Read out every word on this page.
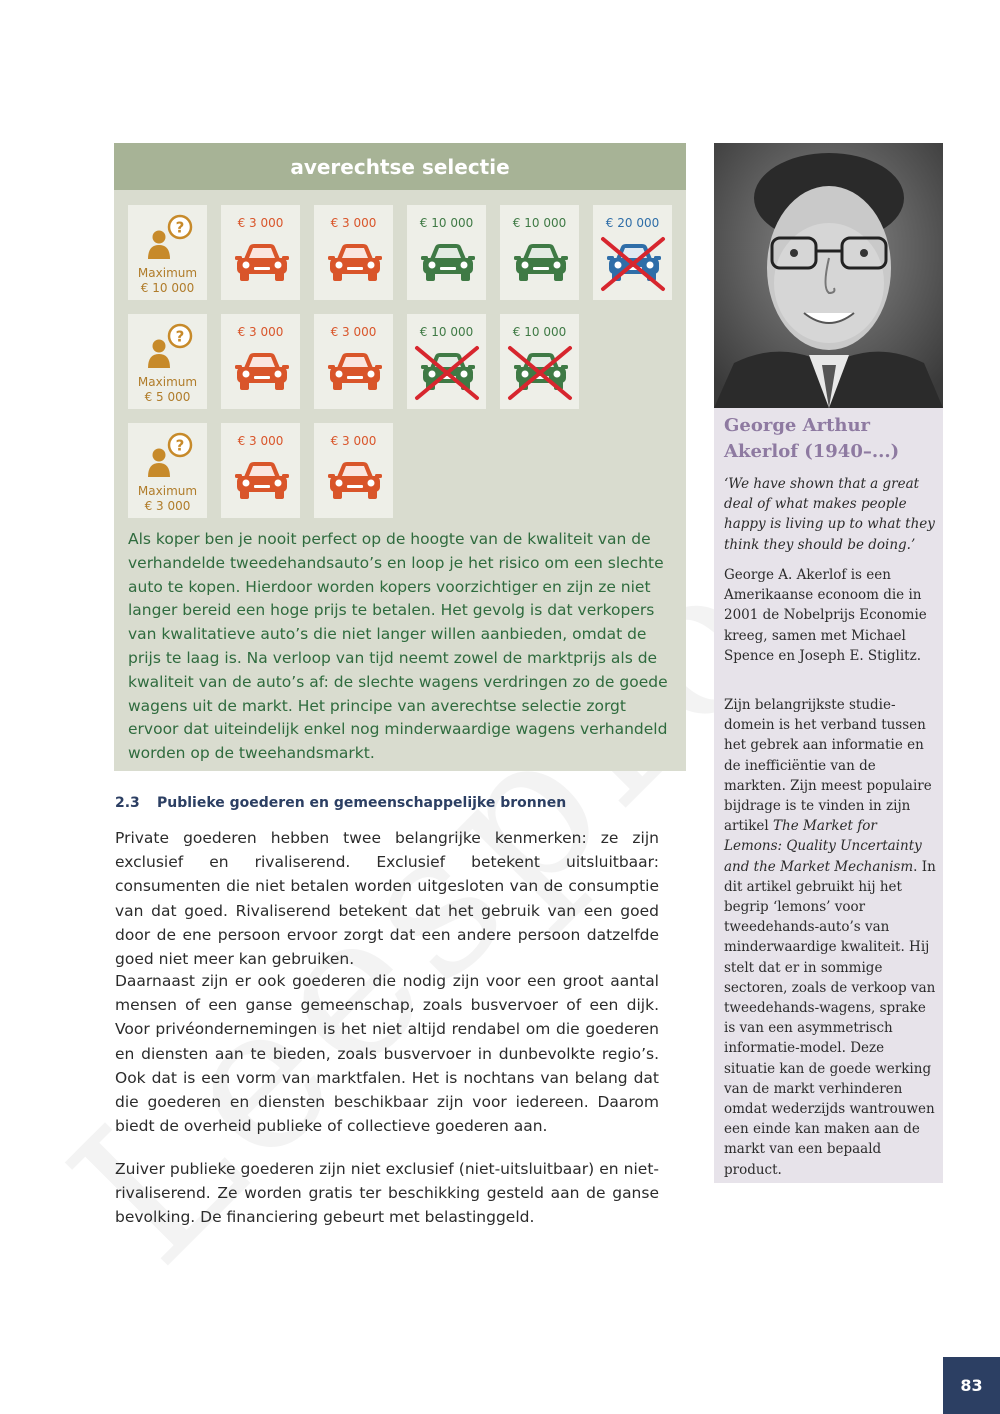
averechtse selectie
?
Maximum
€ 10 000
€ 3 000	€ 3 000	€ 10 000	€ 10 000	€ 20 000
?
Maximum
€ 5 000
€ 3 000	€ 3 000	€ 10 000	€ 10 000
?
Maximum
€ 3 000
€ 3 000	€ 3 000

Als koper ben je nooit perfect op de hoogte van de kwaliteit van de verhandelde tweedehandsauto’s en loop je het risico om een slechte auto te kopen. Hierdoor worden kopers voorzichtiger en zijn ze niet langer bereid een hoge prijs te betalen. Het gevolg is dat verkopers van kwalitatieve auto’s die niet langer willen aanbieden, omdat de prijs te laag is. Na verloop van tijd neemt zowel de marktprijs als de kwaliteit van de auto’s af: de slechte wagens verdringen zo de goede wagens uit de markt. Het principe van averechtse selectie zorgt ervoor dat uiteindelijk enkel nog minderwaardige wagens verhandeld worden op de tweehandsmarkt.

2.3 Publieke goederen en gemeenschappelijke bronnen

Private goederen hebben twee belangrijke kenmerken: ze zijn exclusief en rivaliserend. Exclusief betekent uitsluitbaar: consumenten die niet betalen worden uitgesloten van de consumptie van dat goed. Rivaliserend betekent dat het gebruik van een goed door de ene persoon ervoor zorgt dat een andere persoon datzelfde goed niet meer kan gebruiken.

Daarnaast zijn er ook goederen die nodig zijn voor een groot aantal mensen of een ganse gemeenschap, zoals busvervoer of een dijk. Voor privéondernemingen is het niet altijd rendabel om die goederen en diensten aan te bieden, zoals busvervoer in dunbevolkte regio’s. Ook dat is een vorm van marktfalen. Het is nochtans van belang dat die goederen en diensten beschikbaar zijn voor iedereen. Daarom biedt de overheid publieke of collectieve goederen aan.

Zuiver publieke goederen zijn niet exclusief (niet-uitsluitbaar) en niet-rivaliserend. Ze worden gratis ter beschikking gesteld aan de ganse bevolking. De financiering gebeurt met belastinggeld.

George Arthur Akerlof (1940–...)

‘We have shown that a great deal of what makes people happy is living up to what they think they should be doing.’

George A. Akerlof is een Amerikaanse econoom die in 2001 de Nobelprijs Economie kreeg, samen met Michael Spence en Joseph E. Stiglitz.

Zijn belangrijkste studie-domein is het verband tussen het gebrek aan informatie en de inefficiëntie van de markten. Zijn meest populaire bijdrage is te vinden in zijn artikel The Market for Lemons: Quality Uncertainty and the Market Mechanism. In dit artikel gebruikt hij het begrip ‘lemons’ voor tweedehands-auto’s van minderwaardige kwaliteit. Hij stelt dat er in sommige sectoren, zoals de verkoop van tweedehands-wagens, sprake is van een asymmetrisch informatie-model. Deze situatie kan de goede werking van de markt verhinderen omdat wederzijds wantrouwen een einde kan maken aan de markt van een bepaald product.

83
